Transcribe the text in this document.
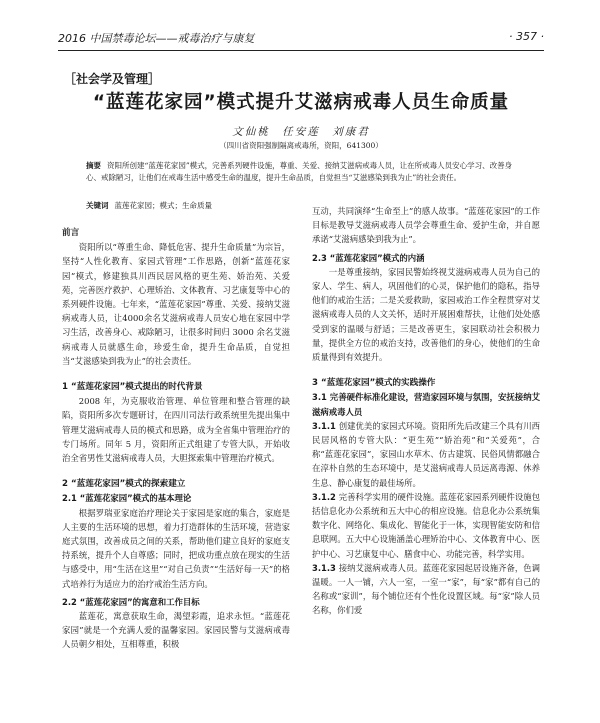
2016 中国禁毒论坛——戒毒治疗与康复	· 357 ·
［社会学及管理］
“蓝莲花家园”模式提升艾滋病戒毒人员生命质量
文仙桃　任安莲　刘康君
（四川省资阳强制隔离戒毒所，资阳，641300）
摘要 资阳所创建“蓝莲花家园”模式，完善系列硬件设施，尊重、关爱、接纳艾滋病戒毒人员，让在所戒毒人员安心学习、改善身心、戒除陋习，让他们在戒毒生活中感受生命的温度，提升生命品质，自觉担当“艾滋感染到我为止”的社会责任。
关键词 蓝莲花家园；模式；生命质量
前言

资阳所以“尊重生命、降低危害、提升生命质量”为宗旨，坚持“人性化教育、家园式管理”工作思路，创新“蓝莲花家园”模式，修建独具川西民居风格的更生苑、娇治苑、关爱苑，完善医疗救护、心理矫治、文体教育、习艺康复等中心的系列硬件设施。七年来，“蓝莲花家园”尊重、关爱、接纳艾滋病戒毒人员，让4000余名艾滋病戒毒人员安心地在家园中学习生活，改善身心、戒除陋习，让很多时间归 3000 余名艾滋病戒毒人员就感生命，珍爱生命，提升生命品质，自觉担当“艾滋感染到我为止”的社会责任。

1 “蓝莲花家园”模式提出的时代背景

2008 年，为克服收治管理、单位管理和整合管理的缺陷，资阳所多次专题研讨，在四川司法行政系统里先提出集中管理艾滋病戒毒人员的模式和思路，成为全省集中管理治疗的专门场所。同年 5 月，资阳所正式组建了专管大队，开始收治全省男性艾滋病戒毒人员，大胆探索集中管理治疗模式。

2 “蓝莲花家园”模式的探索建立
2.1 “蓝莲花家园”模式的基本理论

根据罗瑞亚家庭治疗理论关于家园是家庭的集合，家庭是人主要的生活环境的思想，着力打造群体的生活环境，营造家庭式氛围，改善成员之间的关系，帮助他们建立良好的家庭支持系统，提升个人自尊感；同时，把成功重点放在现实的生活与感受中，用“生活在这里”“对自己负责”“生活好每一天”的格式培养行为适应力的治疗戒治生活方向。

2.2 “蓝莲花家园”的寓意和工作目标

蓝莲花，寓意获取生命，渴望彩霞，追求永恒。“蓝莲花家园”就是一个充满人爱的温馨家园。家园民警与艾滋病戒毒人员朝夕相处，互相尊重，积极

互动，共同演绎“生命至上”的感人故事。“蓝莲花家园”的工作目标是教导艾滋病戒毒人员学会尊重生命、爱护生命，并自愿承诺“艾滋病感染到我为止”。

2.3 “蓝莲花家园”模式的内涵

一是尊重接纳，家园民警始终视艾滋病戒毒人员为自己的家人、学生、病人，巩固他们的心灵，保护他们的隐私，指导他们的戒治生活；二是关爱救助，家园戒治工作全程贯穿对艾滋病戒毒人员的人文关怀，适时开展困难帮扶，让他们处处感受到家的温暖与舒适；三是改善更生，家园联动社会积极力量，提供全方位的戒治支持，改善他们的身心，使他们的生命质量得到有效提升。

3 “蓝莲花家园”模式的实践操作
3.1 完善硬件标准化建设，营造家园环境与氛围，安抚接纳艾滋病戒毒人员

3.1.1 创建优美的家园式环境。资阳所先后改建三个具有川西民居风格的专管大队：“更生苑”“娇治苑”和“关爱苑”，合称“蓝莲花家园”，家园山水草木、仿古建筑、民俗风情都融合在淳朴自然的生态环境中，是艾滋病戒毒人员远离毒源、休养生息、静心康复的最佳场所。

3.1.2 完善科学实用的硬件设施。蓝莲花家园系列硬件设施包括信息化办公系统和五大中心的相应设施。信息化办公系统集数字化、网络化、集成化、智能化于一体，实现智能安防和信息联网。五大中心设施涵盖心理矫治中心、文体教育中心、医护中心、习艺康复中心、膳食中心、功能完善，科学实用。

3.1.3 接纳艾滋病戒毒人员。蓝莲花家园起居设施齐备，色调温暖。一人一铺，六人一室，一室一“家”，每“家”都有自己的名称或“家训”，每个铺位还有个性化设置区域。每“家”除人员名称，你们爱
